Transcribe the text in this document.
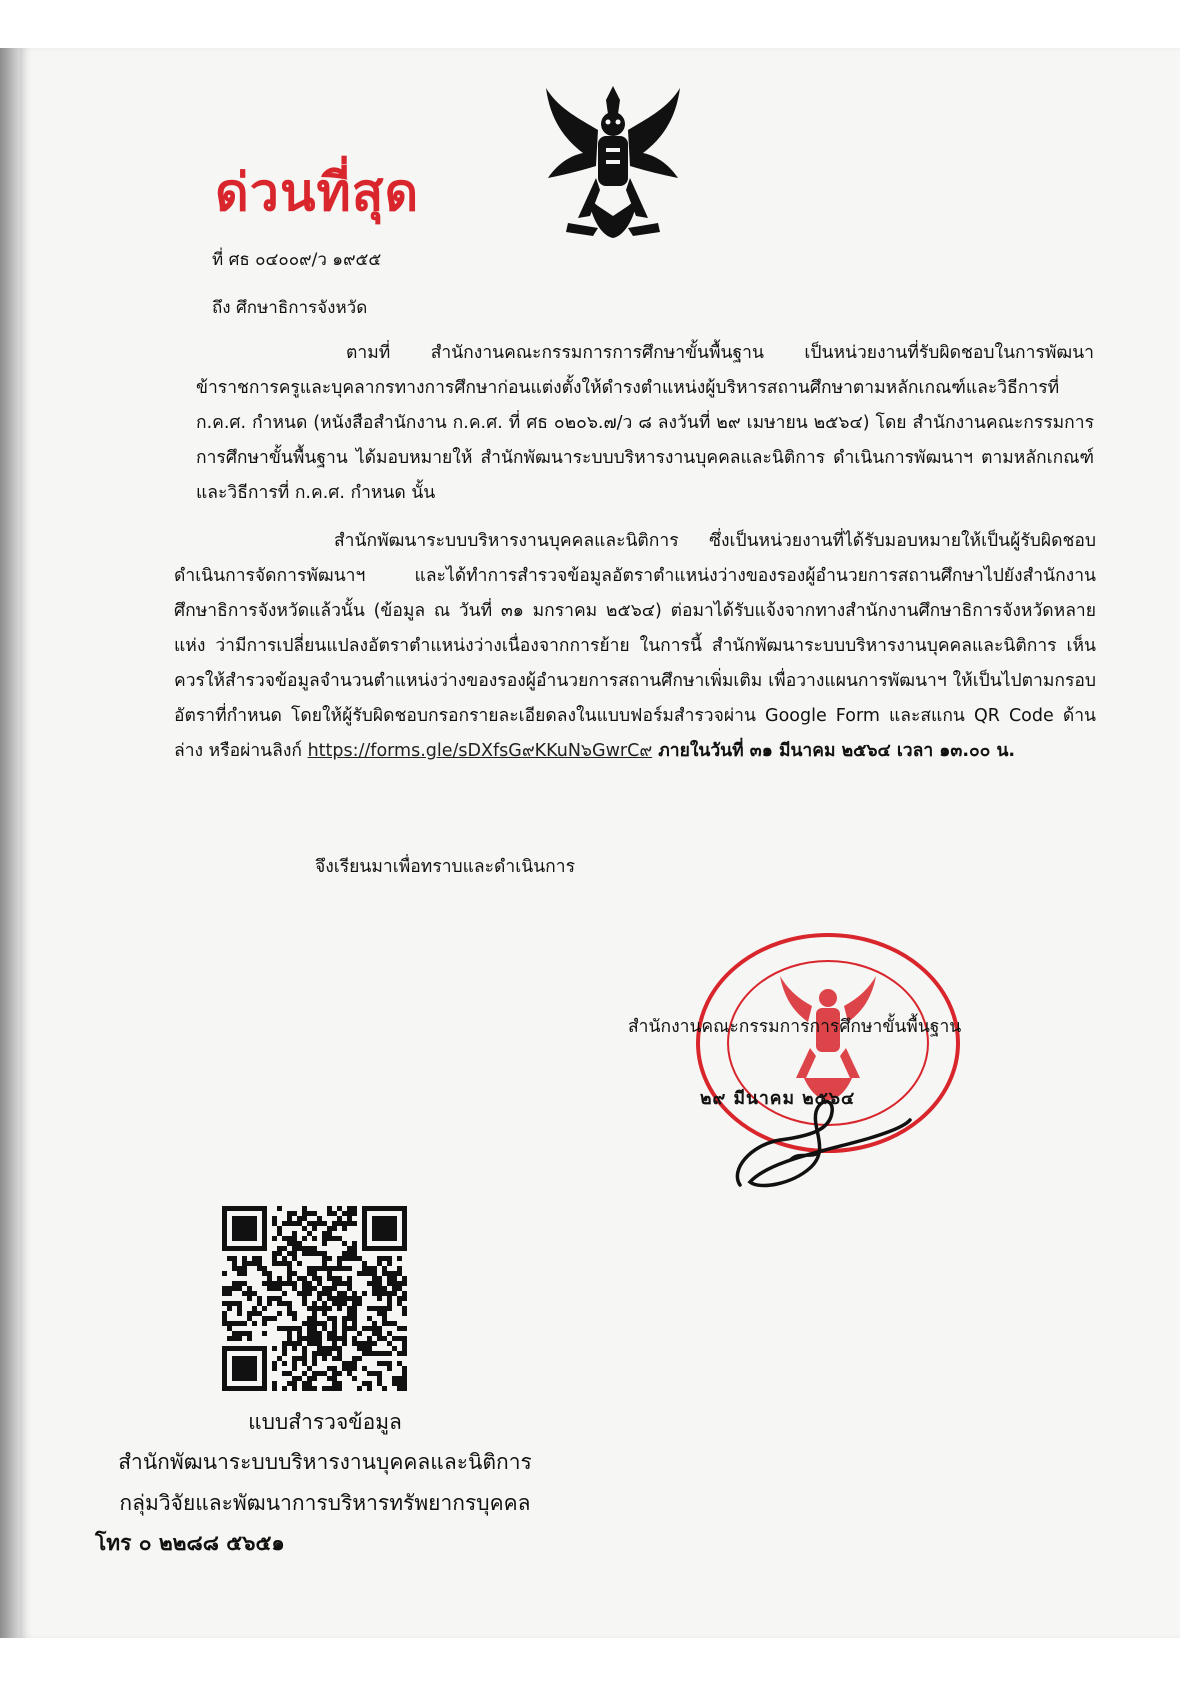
ด่วนที่สุด
ที่ ศธ ๐๔๐๐๙/ว ๑๙๕๕
ถึง ศึกษาธิการจังหวัด
ตามที่ สำนักงานคณะกรรมการการศึกษาขั้นพื้นฐาน เป็นหน่วยงานที่รับผิดชอบในการพัฒนาข้าราชการครูและบุคลากรทางการศึกษาก่อนแต่งตั้งให้ดำรงตำแหน่งผู้บริหารสถานศึกษาตามหลักเกณฑ์และวิธีการที่ ก.ค.ศ. กำหนด (หนังสือสำนักงาน ก.ค.ศ. ที่ ศธ ๐๒๐๖.๗/ว ๘ ลงวันที่ ๒๙ เมษายน ๒๕๖๔) โดย สำนักงานคณะกรรมการการศึกษาขั้นพื้นฐาน ได้มอบหมายให้ สำนักพัฒนาระบบบริหารงานบุคคลและนิติการ ดำเนินการพัฒนาฯ ตามหลักเกณฑ์และวิธีการที่ ก.ค.ศ. กำหนด นั้น
สำนักพัฒนาระบบบริหารงานบุคคลและนิติการ ซึ่งเป็นหน่วยงานที่ได้รับมอบหมายให้เป็นผู้รับผิดชอบดำเนินการจัดการพัฒนาฯ และได้ทำการสำรวจข้อมูลอัตราตำแหน่งว่างของรองผู้อำนวยการสถานศึกษาไปยังสำนักงานศึกษาธิการจังหวัดแล้วนั้น (ข้อมูล ณ วันที่ ๓๑ มกราคม ๒๕๖๔) ต่อมาได้รับแจ้งจากทางสำนักงานศึกษาธิการจังหวัดหลายแห่ง ว่ามีการเปลี่ยนแปลงอัตราตำแหน่งว่างเนื่องจากการย้าย ในการนี้ สำนักพัฒนาระบบบริหารงานบุคคลและนิติการ เห็นควรให้สำรวจข้อมูลจำนวนตำแหน่งว่างของรองผู้อำนวยการสถานศึกษาเพิ่มเติม เพื่อวางแผนการพัฒนาฯ ให้เป็นไปตามกรอบอัตราที่กำหนด โดยให้ผู้รับผิดชอบกรอกรายละเอียดลงในแบบฟอร์มสำรวจผ่าน Google Form และสแกน QR Code ด้านล่าง หรือผ่านลิงก์ https://forms.gle/sDXfsG๙KKuN๖GwrC๙ ภายในวันที่ ๓๑ มีนาคม ๒๕๖๔ เวลา ๑๓.๐๐ น.
จึงเรียนมาเพื่อทราบและดำเนินการ
สำนักงานคณะกรรมการการศึกษาขั้นพื้นฐาน
๒๙ มีนาคม ๒๕๖๔
แบบสำรวจข้อมูล
สำนักพัฒนาระบบบริหารงานบุคคลและนิติการ
กลุ่มวิจัยและพัฒนาการบริหารทรัพยากรบุคคล
โทร ๐ ๒๒๘๘ ๕๖๕๑
